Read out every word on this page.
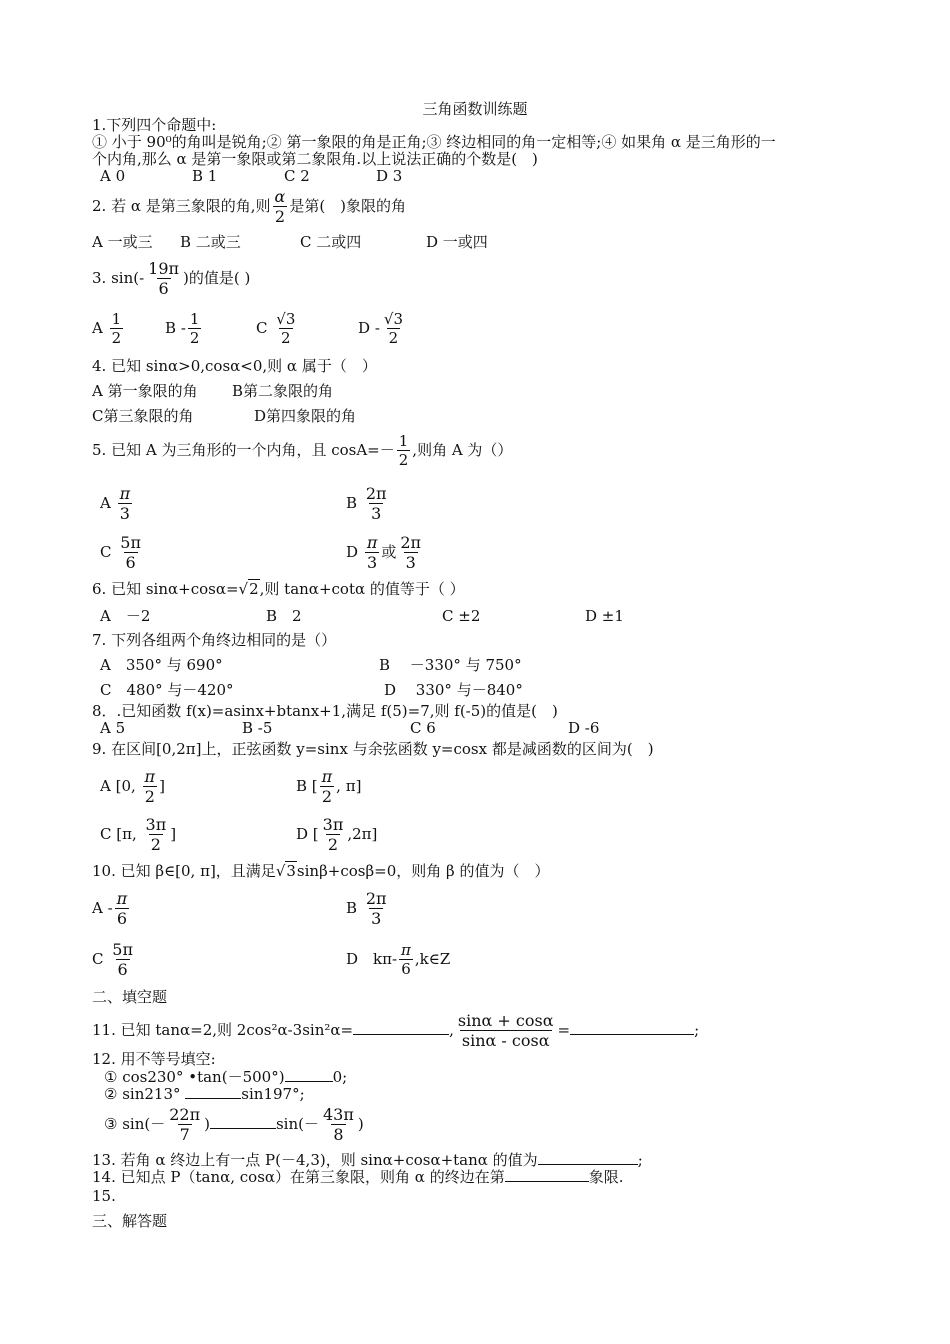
三角函数训练题
1.下列四个命题中:
① 小于 90⁰的角叫是锐角;② 第一象限的角是正角;③ 终边相同的角一定相等;④ 如果角 α 是三角形的一
个内角,那么 α 是第一象限或第二象限角.以上说法正确的个数是(　)
A 0	B 1	C 2	D 3
2. 若 α 是第三象限的角,则 $\frac{\alpha}{2}$ 是第(　)象限的角
A 一或三 B 二或三	C 二或四	D 一或四
3. $\sin(- \frac{19\pi}{6}$ )的值是( )
A $\frac{1}{2}$	B - $\frac{1}{2}$	C $\frac{√3}{2}$	D - $\frac{√3}{2}$
4. 已知 sinα>0,cosα<0,则 α 属于（　）
A 第一象限的角 B第二象限的角
C第三象限的角	D第四象限的角
5. 已知 A 为三角形的一个内角，且 $\cos A=- \frac{1}{2}$ ,则角 A 为（）
A $\frac{\pi}{3}$	B $\frac{2\pi}{3}$
C $\frac{5\pi}{6}$	D $\frac{\pi}{3}$ 或 $\frac{2\pi}{3}$
6. 已知 sinα+cosα=√2,则 tanα+cotα 的值等于（ ）
A　－2	B　2	C ±2	D ±1
7. 下列各组两个角终边相同的是（）
A　350° 与 690°	B　 －330° 与 750°
C　480° 与－420°	D　 330° 与－840°
8．.已知函数 f(x)=asinx+btanx+1,满足 f(5)=7,则 f(-5)的值是(　)
A 5	B -5	C 6	D -6
9. 在区间[0,2π]上，正弦函数 y=sinx 与余弦函数 y=cosx 都是减函数的区间为(　)
A [0, $\frac{\pi}{2}$ ]	B [ $\frac{\pi}{2}$ , π]
C [π, $\frac{3\pi}{2}$ ]	D [ $\frac{3\pi}{2} ,2\pi$]
10. 已知 β∈[0, π]，且满足√3sinβ+cosβ=0，则角 β 的值为（　）
A - $\frac{\pi}{6}$	B $\frac{2\pi}{3}$
C $\frac{5\pi}{6}$	D　$k\pi- \frac{\pi}{6}$ ,k∈Z
二、填空题
11. 已知 tanα=2,则 2cos²α-3sin²α=	, $\frac{\sin\alpha + \cos\alpha}{\sin\alpha - \cos\alpha}$ =	;
12. 用不等号填空:
① cos230° •tan(－500°)	0;
② sin213°	sin197°;
③ $\sin(- \frac{22\pi}{7}$ )	$\sin(- \frac{43\pi}{8}$ )
13. 若角 α 终边上有一点 P(－4,3)，则 sinα+cosα+tanα 的值为	;
14. 已知点 P（tanα, cosα）在第三象限，则角 α 的终边在第	象限.
15.
三、解答题
